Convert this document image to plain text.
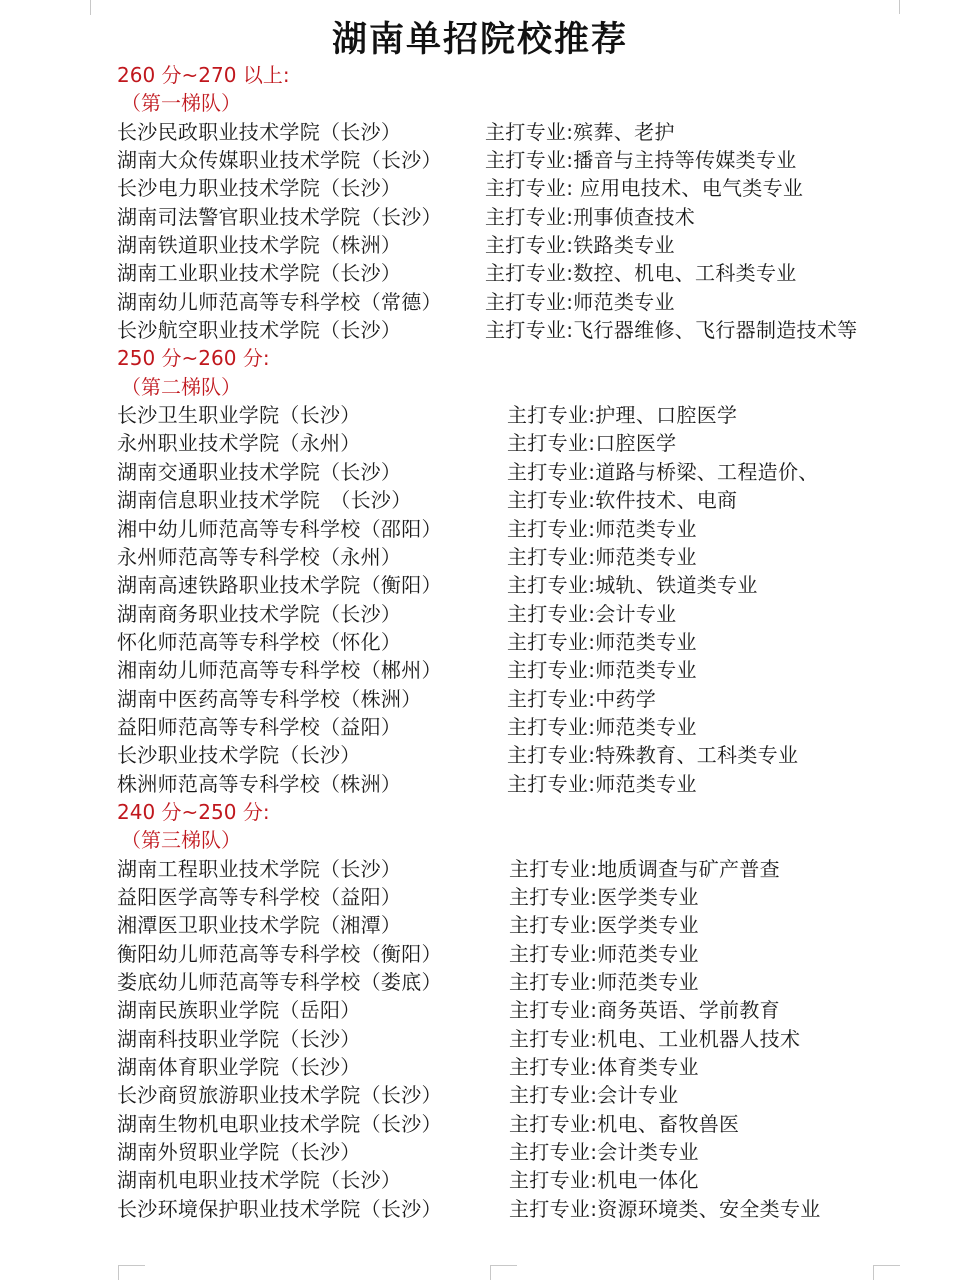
湖南单招院校推荐
260 分~270 以上:
（第一梯队）
长沙民政职业技术学院（长沙）	主打专业:殡葬、老护
湖南大众传媒职业技术学院（长沙） 主打专业:播音与主持等传媒类专业
长沙电力职业技术学院（长沙）	主打专业: 应用电技术、电气类专业
湖南司法警官职业技术学院（长沙） 主打专业:刑事侦查技术
湖南铁道职业技术学院（株洲）	主打专业:铁路类专业
湖南工业职业技术学院（长沙）	主打专业:数控、机电、工科类专业
湖南幼儿师范高等专科学校（常德） 主打专业:师范类专业
长沙航空职业技术学院（长沙）	主打专业:飞行器维修、飞行器制造技术等
250 分~260 分:
（第二梯队）
长沙卫生职业学院（长沙）	主打专业:护理、口腔医学
永州职业技术学院（永州）	主打专业:口腔医学
湖南交通职业技术学院（长沙）	主打专业:道路与桥梁、工程造价、
湖南信息职业技术学院　（长沙）	主打专业:软件技术、电商
湘中幼儿师范高等专科学校（邵阳）	主打专业:师范类专业
永州师范高等专科学校（永州）	主打专业:师范类专业
湖南高速铁路职业技术学院（衡阳）	主打专业:城轨、铁道类专业
湖南商务职业技术学院（长沙）	主打专业:会计专业
怀化师范高等专科学校（怀化）	主打专业:师范类专业
湘南幼儿师范高等专科学校（郴州）	主打专业:师范类专业
湖南中医药高等专科学校（株洲）	主打专业:中药学
益阳师范高等专科学校（益阳）	主打专业:师范类专业
长沙职业技术学院（长沙）	主打专业:特殊教育、工科类专业
株洲师范高等专科学校（株洲）	主打专业:师范类专业
240 分~250 分:
（第三梯队）
湖南工程职业技术学院（长沙）	主打专业:地质调查与矿产普查
益阳医学高等专科学校（益阳）	主打专业:医学类专业
湘潭医卫职业技术学院（湘潭）	主打专业:医学类专业
衡阳幼儿师范高等专科学校（衡阳）	主打专业:师范类专业
娄底幼儿师范高等专科学校（娄底）	主打专业:师范类专业
湖南民族职业学院（岳阳）	主打专业:商务英语、学前教育
湖南科技职业学院（长沙）	主打专业:机电、工业机器人技术
湖南体育职业学院（长沙）	主打专业:体育类专业
长沙商贸旅游职业技术学院（长沙）	主打专业:会计专业
湖南生物机电职业技术学院（长沙）	主打专业:机电、畜牧兽医
湖南外贸职业学院（长沙）	主打专业:会计类专业
湖南机电职业技术学院（长沙）	主打专业:机电一体化
长沙环境保护职业技术学院（长沙）	主打专业:资源环境类、安全类专业
